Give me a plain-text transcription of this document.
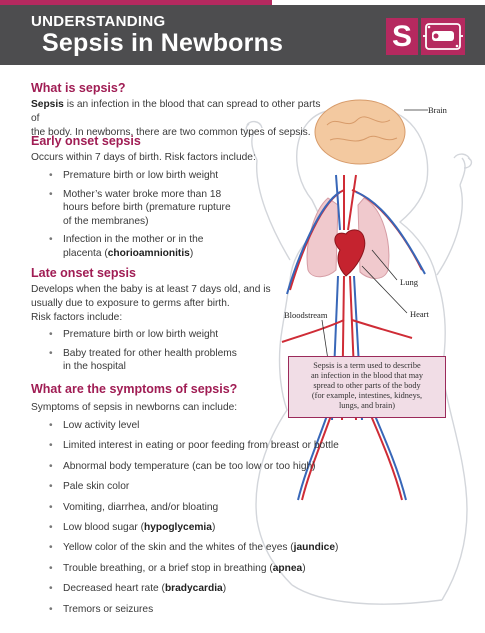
UNDERSTANDING
Sepsis in Newborns	S
Brain
Lung
Heart
Bloodstream
Sepsis is a term used to describe
an infection in the blood that may
spread to other parts of the body
(for example, intestines, kidneys,
lungs, and brain)
What is sepsis?

Sepsis is an infection in the blood that can spread to other parts of
the body. In newborns, there are two common types of sepsis.

Early onset sepsis

Occurs within 7 days of birth. Risk factors include:

• Premature birth or low birth weight
• Mother’s water broke more than 18
hours before birth (premature rupture
of the membranes)
• Infection in the mother or in the
placenta (chorioamnionitis)
Late onset sepsis

Develops when the baby is at least 7 days old, and is
usually due to exposure to germs after birth.
Risk factors include:

• Premature birth or low birth weight
• Baby treated for other health problems
in the hospital
What are the symptoms of sepsis?

Symptoms of sepsis in newborns can include:

• Low activity level
• Limited interest in eating or poor feeding from breast or bottle
• Abnormal body temperature (can be too low or too high)
• Pale skin color
• Vomiting, diarrhea, and/or bloating
• Low blood sugar (hypoglycemia)
• Yellow color of the skin and the whites of the eyes (jaundice)
• Trouble breathing, or a brief stop in breathing (apnea)
• Decreased heart rate (bradycardia)
• Tremors or seizures
